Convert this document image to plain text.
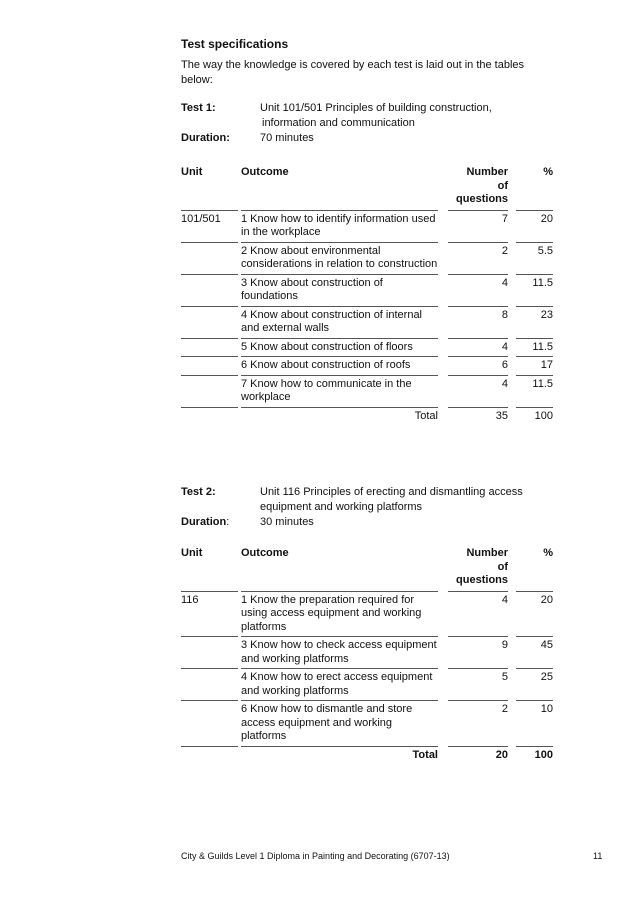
Test specifications
The way the knowledge is covered by each test is laid out in the tables below:
Test 1:	Unit 101/501 Principles of building construction,
information and communication
Duration:	70 minutes
Unit		Outcome		Number
of
questions		%
101/501		1 Know how to identify information used in the workplace		7		20
		2 Know about environmental considerations in relation to construction		2		5.5
		3 Know about construction of foundations		4		11.5
		4 Know about construction of internal and external walls		8		23
		5 Know about construction of floors		4		11.5
		6 Know about construction of roofs		6		17
		7 Know how to communicate in the workplace		4		11.5
		Total		35		100
Test 2:	Unit 116 Principles of erecting and dismantling access
equipment and working platforms
Duration:	30 minutes
Unit		Outcome		Number
of
questions		%
116		1 Know the preparation required for using access equipment and working platforms		4		20
		3 Know how to check access equipment and working platforms		9		45
		4 Know how to erect access equipment and working platforms		5		25
		6 Know how to dismantle and store access equipment and working platforms		2		10
		Total		20		100
City & Guilds Level 1 Diploma in Painting and Decorating (6707-13)	11
